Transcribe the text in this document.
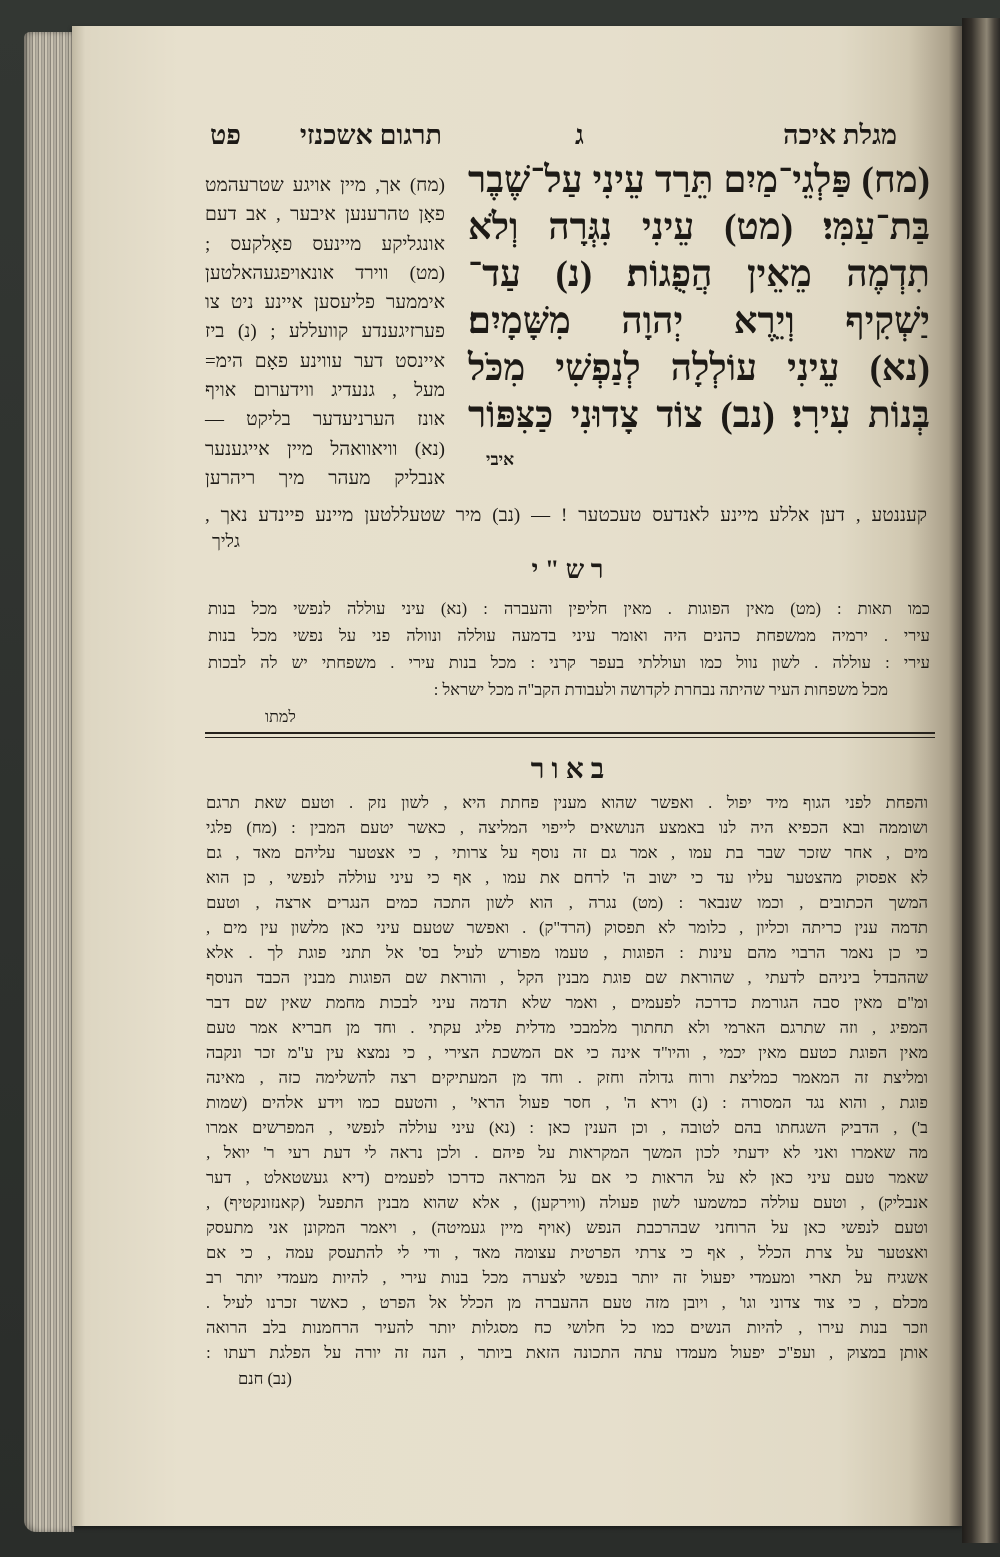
תרגום אשכנזי
פט	מגלת איכה
ג
(מח) פַּלְגֵי־מַיִם תֵּרַד עֵינִי עַל־שֶׁבֶר
בַּת־עַמִּי׃ (מט) עֵינִי נִגְּרָה וְלֹא
תִדְמֶה מֵאֵין הֲפֻגוֹת׃ (נ) עַד־
יַשְׁקִיף וְיֵרֶא יְהוָה מִשָּׁמָיִם׃
(נא) עֵינִי עוֹלְלָה לְנַפְשִׁי מִכֹּל
בְּנוֹת עִירִי׃ (נב) צוֹד צָדוּנִי כַּצִּפּוֹר
איבי
(מח) אך, מיין אויגע שטרעהמט
פאָן טהרענען איבער , אב דעם
אונגליקע מיינעס פאָלקעס ;
(מט) ווירד אונאויפגעהאלטען
איממער פליעסען איינע ניט צו
פערזיגענדע קוועללע ; (נ) ביז
איינסט דער עווינע פאָם הימ=
מעל , גנעדיג ווידערום אויף
אונז הערניעדער בליקט —
(נא) וויאוואהל מיין אייגענער
אנבליק מעהר מיך ריהרען
קעננטע , דען אללע מיינע לאנדעס טעכטער ! — (נב) מיר שטעללטען מיינע פיינדע נאך ,
גליך
ר ש " י
כמו תאות : (מט) מאין הפוגות . מאין חליפין והעברה : (נא) עיני עוללה לנפשי מכל בנות
עירי . ירמיה ממשפחת כהנים היה ואומר עיני בדמעה עוללה ונוולה פני על נפשי מכל בנות
עירי : עוללה . לשון נוול כמו ועוללתי בעפר קרני : מכל בנות עירי . משפחתי יש לה לבכות
מכל משפחות העיר שהיתה נבחרת לקדושה ולעבודת הקב"ה מכל ישראל :
למתו
ב א ו ר
והפחת לפני הגוף מיד יפול . ואפשר שהוא מענין פחתת היא , לשון נזק . וטעם שאת תרגם
ושוממה ובא הכפיא היה לנו באמצע הנושאים לייפוי המליצה , כאשר יטעם המבין : (מח) פלגי
מים , אחר שזכר שבר בת עמו , אמר גם זה נוסף על צרותי , כי אצטער עליהם מאד , גם
לא אפסוק מהצטער עליו עד כי ישוב ה' לרחם את עמו , אף כי עיני עוללה לנפשי , כן הוא
המשך הכתובים , וכמו שנבאר : (מט) נגרה , הוא לשון התכה כמים הנגרים ארצה , וטעם
תדמה ענין כריתה וכליון , כלומר לא תפסוק (הרד"ק) . ואפשר שטעם עיני כאן מלשון עין מים ,
כי כן נאמר הרבוי מהם עינות : הפוגות , טעמו מפורש לעיל בס' אל תתני פוגת לך . אלא
שההבדל ביניהם לדעתי , שהוראת שם פוגת מבנין הקל , והוראת שם הפוגות מבנין הכבד הנוסף
ומ"ם מאין סבה הגורמת כדרכה לפעמים , ואמר שלא תדמה עיני לבכות מחמת שאין שם דבר
המפיג , וזה שתרגם הארמי ולא תחתוך מלמבכי מדלית פליג עקתי . וחד מן חבריא אמר טעם
מאין הפוגת כטעם מאין יכמי , והיו"ד אינה כי אם המשכת הצירי , כי נמצא עין ע"מ זכר ונקבה
ומליצת זה המאמר כמליצת ורוח גדולה וחזק . וחד מן המעתיקים רצה להשלימה כזה , מאינה
פוגת , והוא נגד המסורה : (נ) וירא ה' , חסר פעול הראי' , והטעם כמו וידע אלהים (שמות
ב') , הדביק השגחתו בהם לטובה , וכן הענין כאן : (נא) עיני עוללה לנפשי , המפרשים אמרו
מה שאמרו ואני לא ידעתי לכון המשך המקראות על פיהם . ולכן נראה לי דעת רעי ר' יואל ,
שאמר טעם עיני כאן לא על הראות כי אם על המראה כדרכו לפעמים (דיא געשטאלט , דער
אנבליק) , וטעם עוללה כמשמעו לשון פעולה (ווירקען) , אלא שהוא מבנין התפעל (קאנזונקטיף) ,
וטעם לנפשי כאן על הרוחני שבהרכבת הנפש (אויף מיין געמיטה) , ויאמר המקונן אני מתעסק
ואצטער על צרת הכלל , אף כי צרתי הפרטית עצומה מאד , ודי לי להתעסק עמה , כי אם
אשגיח על תארי ומעמדי יפעול זה יותר בנפשי לצערה מכל בנות עירי , להיות מעמדי יותר רב
מכלם , כי צוד צדוני וגו' , ויובן מזה טעם ההעברה מן הכלל אל הפרט , כאשר זכרנו לעיל .
וזכר בנות עירו , להיות הנשים כמו כל חלושי כח מסגלות יותר להעיר הרחמנות בלב הרואה
אותן במצוק , ועפ"כ יפעול מעמדו עתה התכונה הזאת ביותר , הנה זה יורה על הפלגת רעתו :
(נב) חנם
